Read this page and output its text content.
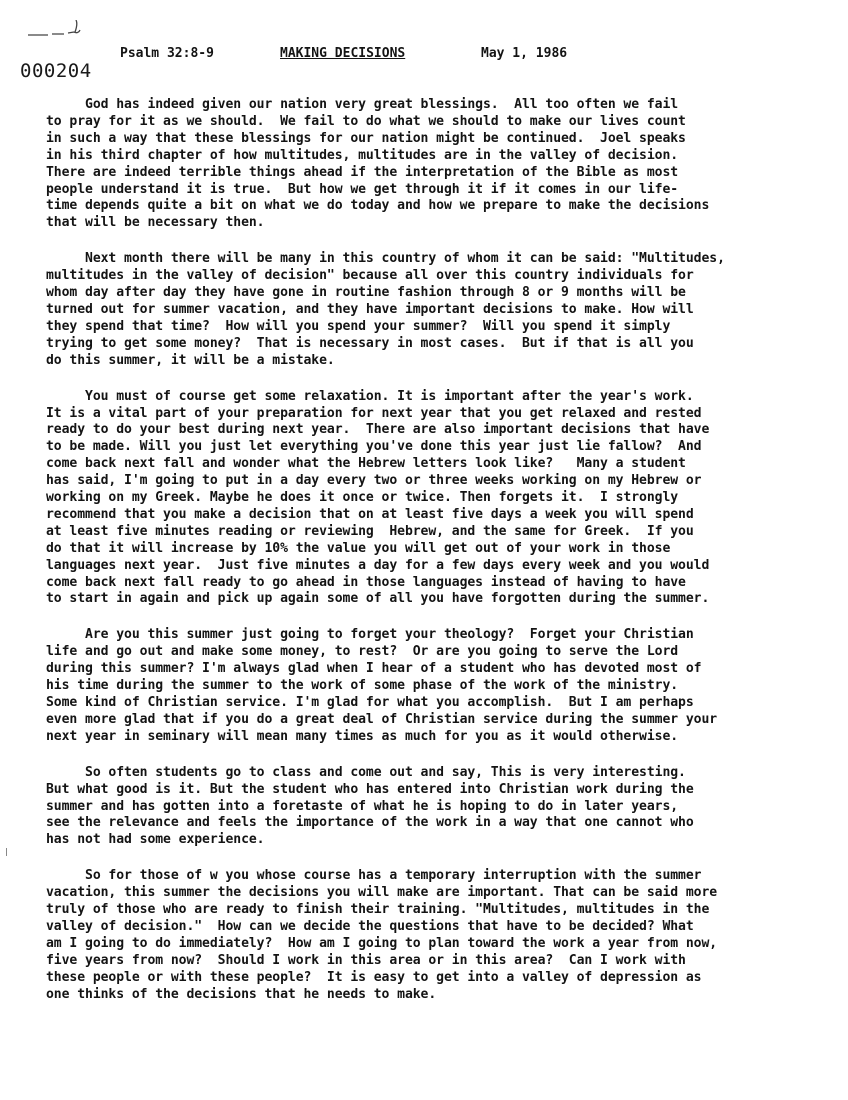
000204
Psalm 32:8-9	MAKING DECISIONS	May 1, 1986

God has indeed given our nation very great blessings.  All too often we fail
to pray for it as we should.  We fail to do what we should to make our lives count
in such a way that these blessings for our nation might be continued.  Joel speaks
in his third chapter of how multitudes, multitudes are in the valley of decision.
There are indeed terrible things ahead if the interpretation of the Bible as most
people understand it is true.  But how we get through it if it comes in our life-
time depends quite a bit on what we do today and how we prepare to make the decisions
that will be necessary then.

Next month there will be many in this country of whom it can be said: "Multitudes,
multitudes in the valley of decision" because all over this country individuals for
whom day after day they have gone in routine fashion through 8 or 9 months will be
turned out for summer vacation, and they have important decisions to make. How will
they spend that time?  How will you spend your summer?  Will you spend it simply
trying to get some money?  That is necessary in most cases.  But if that is all you
do this summer, it will be a mistake.

You must of course get some relaxation. It is important after the year's work.
It is a vital part of your preparation for next year that you get relaxed and rested
ready to do your best during next year.  There are also important decisions that have
to be made. Will you just let everything you've done this year just lie fallow?  And
come back next fall and wonder what the Hebrew letters look like?   Many a student
has said, I'm going to put in a day every two or three weeks working on my Hebrew or
working on my Greek. Maybe he does it once or twice. Then forgets it.  I strongly
recommend that you make a decision that on at least five days a week you will spend
at least five minutes reading or reviewing  Hebrew, and the same for Greek.  If you
do that it will increase by 10% the value you will get out of your work in those
languages next year.  Just five minutes a day for a few days every week and you would
come back next fall ready to go ahead in those languages instead of having to have
to start in again and pick up again some of all you have forgotten during the summer.

Are you this summer just going to forget your theology?  Forget your Christian
life and go out and make some money, to rest?  Or are you going to serve the Lord
during this summer? I'm always glad when I hear of a student who has devoted most of
his time during the summer to the work of some phase of the work of the ministry.
Some kind of Christian service. I'm glad for what you accomplish.  But I am perhaps
even more glad that if you do a great deal of Christian service during the summer your
next year in seminary will mean many times as much for you as it would otherwise.

So often students go to class and come out and say, This is very interesting.
But what good is it. But the student who has entered into Christian work during the
summer and has gotten into a foretaste of what he is hoping to do in later years,
see the relevance and feels the importance of the work in a way that one cannot who
has not had some experience.

So for those of w you whose course has a temporary interruption with the summer
vacation, this summer the decisions you will make are important. That can be said more
truly of those who are ready to finish their training. "Multitudes, multitudes in the
valley of decision."  How can we decide the questions that have to be decided? What
am I going to do immediately?  How am I going to plan toward the work a year from now,
five years from now?  Should I work in this area or in this area?  Can I work with
these people or with these people?  It is easy to get into a valley of depression as
one thinks of the decisions that he needs to make.
